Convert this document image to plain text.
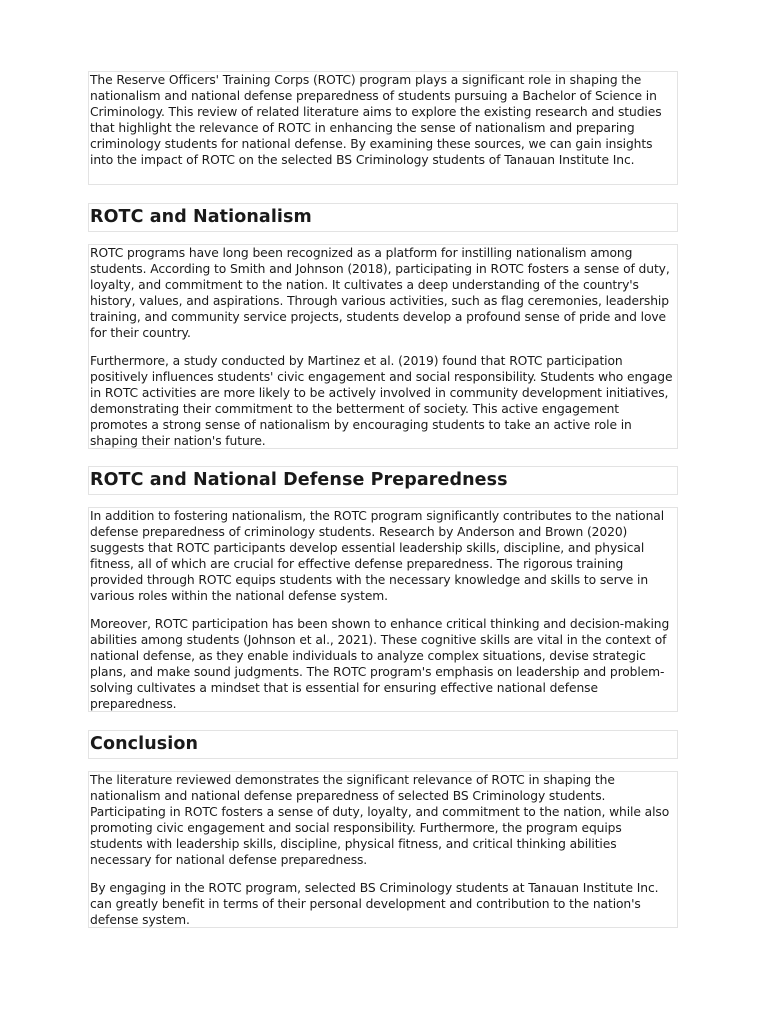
The Reserve Officers' Training Corps (ROTC) program plays a significant role in shaping the nationalism and national defense preparedness of students pursuing a Bachelor of Science in Criminology. This review of related literature aims to explore the existing research and studies that highlight the relevance of ROTC in enhancing the sense of nationalism and preparing criminology students for national defense. By examining these sources, we can gain insights into the impact of ROTC on the selected BS Criminology students of Tanauan Institute Inc.

ROTC and Nationalism

ROTC programs have long been recognized as a platform for instilling nationalism among students. According to Smith and Johnson (2018), participating in ROTC fosters a sense of duty, loyalty, and commitment to the nation. It cultivates a deep understanding of the country's history, values, and aspirations. Through various activities, such as flag ceremonies, leadership training, and community service projects, students develop a profound sense of pride and love for their country.

Furthermore, a study conducted by Martinez et al. (2019) found that ROTC participation positively influences students' civic engagement and social responsibility. Students who engage in ROTC activities are more likely to be actively involved in community development initiatives, demonstrating their commitment to the betterment of society. This active engagement promotes a strong sense of nationalism by encouraging students to take an active role in shaping their nation's future.

ROTC and National Defense Preparedness

In addition to fostering nationalism, the ROTC program significantly contributes to the national defense preparedness of criminology students. Research by Anderson and Brown (2020) suggests that ROTC participants develop essential leadership skills, discipline, and physical fitness, all of which are crucial for effective defense preparedness. The rigorous training provided through ROTC equips students with the necessary knowledge and skills to serve in various roles within the national defense system.

Moreover, ROTC participation has been shown to enhance critical thinking and decision-making abilities among students (Johnson et al., 2021). These cognitive skills are vital in the context of national defense, as they enable individuals to analyze complex situations, devise strategic plans, and make sound judgments. The ROTC program's emphasis on leadership and problem-solving cultivates a mindset that is essential for ensuring effective national defense preparedness.

Conclusion

The literature reviewed demonstrates the significant relevance of ROTC in shaping the nationalism and national defense preparedness of selected BS Criminology students. Participating in ROTC fosters a sense of duty, loyalty, and commitment to the nation, while also promoting civic engagement and social responsibility. Furthermore, the program equips students with leadership skills, discipline, physical fitness, and critical thinking abilities necessary for national defense preparedness.

By engaging in the ROTC program, selected BS Criminology students at Tanauan Institute Inc. can greatly benefit in terms of their personal development and contribution to the nation's defense system.
